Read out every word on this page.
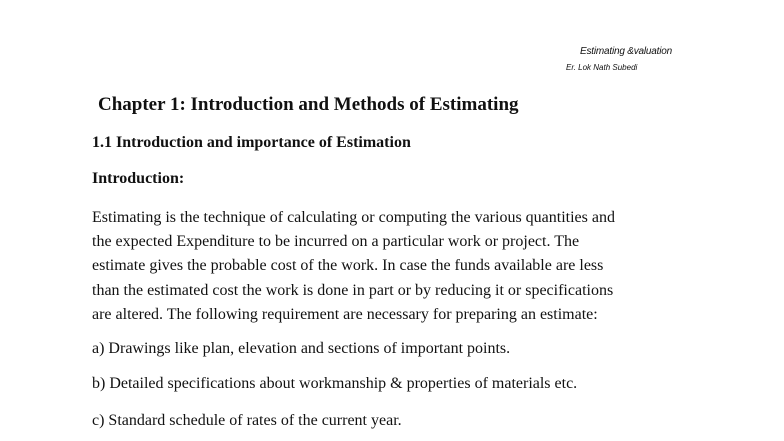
Estimating &valuation
Er. Lok Nath Subedi
Chapter 1: Introduction and Methods of Estimating
1.1 Introduction and importance of Estimation
Introduction:
Estimating is the technique of calculating or computing the various quantities and
the expected Expenditure to be incurred on a particular work or project. The
estimate gives the probable cost of the work. In case the funds available are less
than the estimated cost the work is done in part or by reducing it or specifications
are altered. The following requirement are necessary for preparing an estimate:
a) Drawings like plan, elevation and sections of important points.
b) Detailed specifications about workmanship & properties of materials etc.
c) Standard schedule of rates of the current year.
